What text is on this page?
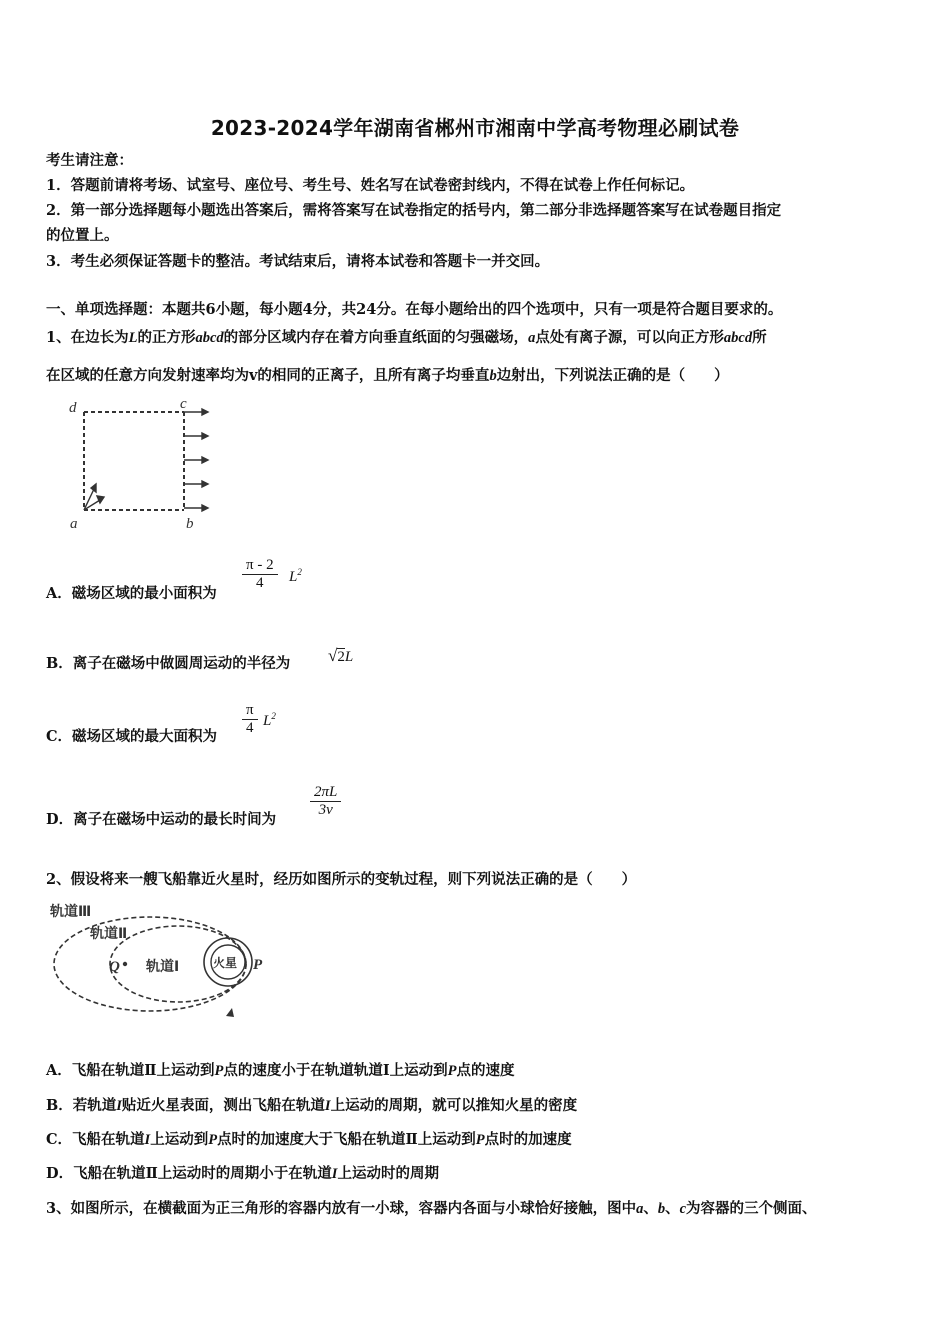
2023-2024学年湖南省郴州市湘南中学高考物理必刷试卷
考生请注意：
1．答题前请将考场、试室号、座位号、考生号、姓名写在试卷密封线内，不得在试卷上作任何标记。
2．第一部分选择题每小题选出答案后，需将答案写在试卷指定的括号内，第二部分非选择题答案写在试卷题目指定
的位置上。
3．考生必须保证答题卡的整洁。考试结束后，请将本试卷和答题卡一并交回。
一、单项选择题：本题共6小题，每小题4分，共24分。在每小题给出的四个选项中，只有一项是符合题目要求的。
1、在边长为L的正方形abcd的部分区域内存在着方向垂直纸面的匀强磁场，a点处有离子源，可以向正方形abcd所
在区域的任意方向发射速率均为v的相同的正离子，且所有离子均垂直b边射出，下列说法正确的是（　　）
d	c
a	b
A．磁场区域的最小面积为
$\frac{\pi - 2}{4} L^2$
B．离子在磁场中做圆周运动的半径为 √2L
C．磁场区域的最大面积为 $\frac{\pi}{4} L^2$
D．离子在磁场中运动的最长时间为
$\frac{2\pi L}{3v}$
2、假设将来一艘飞船靠近火星时，经历如图所示的变轨过程，则下列说法正确的是（　　）
轨道Ⅲ
轨道Ⅱ
轨道Ⅰ	火星
Q	P
A．飞船在轨道Ⅱ上运动到P点的速度小于在轨道轨道Ⅰ上运动到P点的速度
B．若轨道I贴近火星表面，测出飞船在轨道I上运动的周期，就可以推知火星的密度
C．飞船在轨道I上运动到P点时的加速度大于飞船在轨道Ⅱ上运动到P点时的加速度
D．飞船在轨道Ⅱ上运动时的周期小于在轨道I上运动时的周期
3、如图所示，在横截面为正三角形的容器内放有一小球，容器内各面与小球恰好接触，图中a、b、c为容器的三个侧面、
